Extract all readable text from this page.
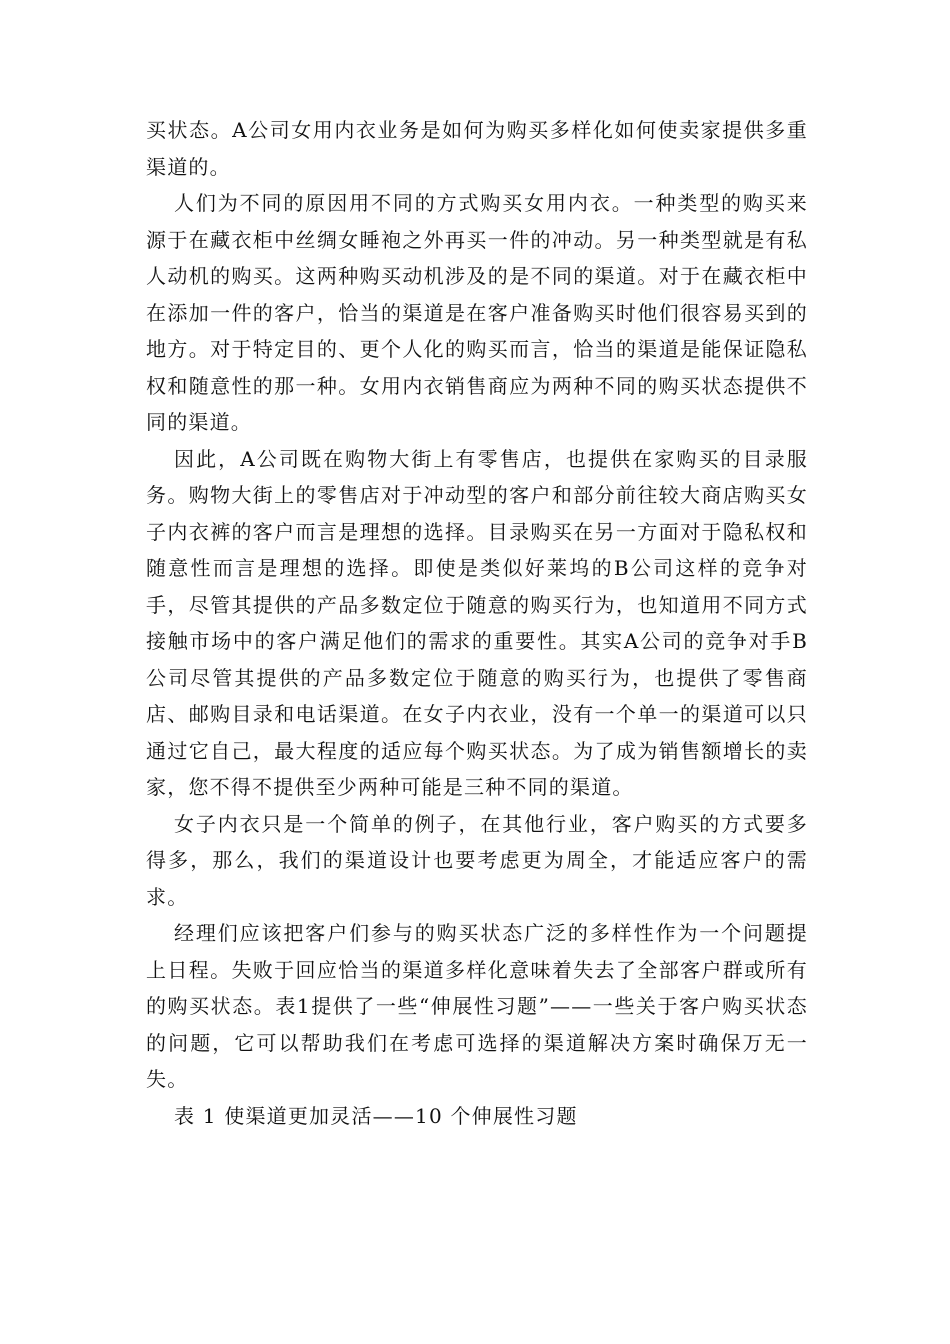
买状态。A公司女用内衣业务是如何为购买多样化如何使卖家提供多重渠道的。

人们为不同的原因用不同的方式购买女用内衣。一种类型的购买来源于在藏衣柜中丝绸女睡袍之外再买一件的冲动。另一种类型就是有私人动机的购买。这两种购买动机涉及的是不同的渠道。对于在藏衣柜中在添加一件的客户，恰当的渠道是在客户准备购买时他们很容易买到的地方。对于特定目的、更个人化的购买而言，恰当的渠道是能保证隐私权和随意性的那一种。女用内衣销售商应为两种不同的购买状态提供不同的渠道。

因此，A公司既在购物大街上有零售店，也提供在家购买的目录服务。购物大街上的零售店对于冲动型的客户和部分前往较大商店购买女子内衣裤的客户而言是理想的选择。目录购买在另一方面对于隐私权和随意性而言是理想的选择。即使是类似好莱坞的B公司这样的竞争对手，尽管其提供的产品多数定位于随意的购买行为，也知道用不同方式接触市场中的客户满足他们的需求的重要性。其实A公司的竞争对手B公司尽管其提供的产品多数定位于随意的购买行为，也提供了零售商店、邮购目录和电话渠道。在女子内衣业，没有一个单一的渠道可以只通过它自己，最大程度的适应每个购买状态。为了成为销售额增长的卖家，您不得不提供至少两种可能是三种不同的渠道。

女子内衣只是一个简单的例子，在其他行业，客户购买的方式要多得多，那么，我们的渠道设计也要考虑更为周全，才能适应客户的需求。

经理们应该把客户们参与的购买状态广泛的多样性作为一个问题提上日程。失败于回应恰当的渠道多样化意味着失去了全部客户群或所有的购买状态。表1提供了一些“伸展性习题”——一些关于客户购买状态的问题，它可以帮助我们在考虑可选择的渠道解决方案时确保万无一失。

表 1 使渠道更加灵活——10 个伸展性习题
